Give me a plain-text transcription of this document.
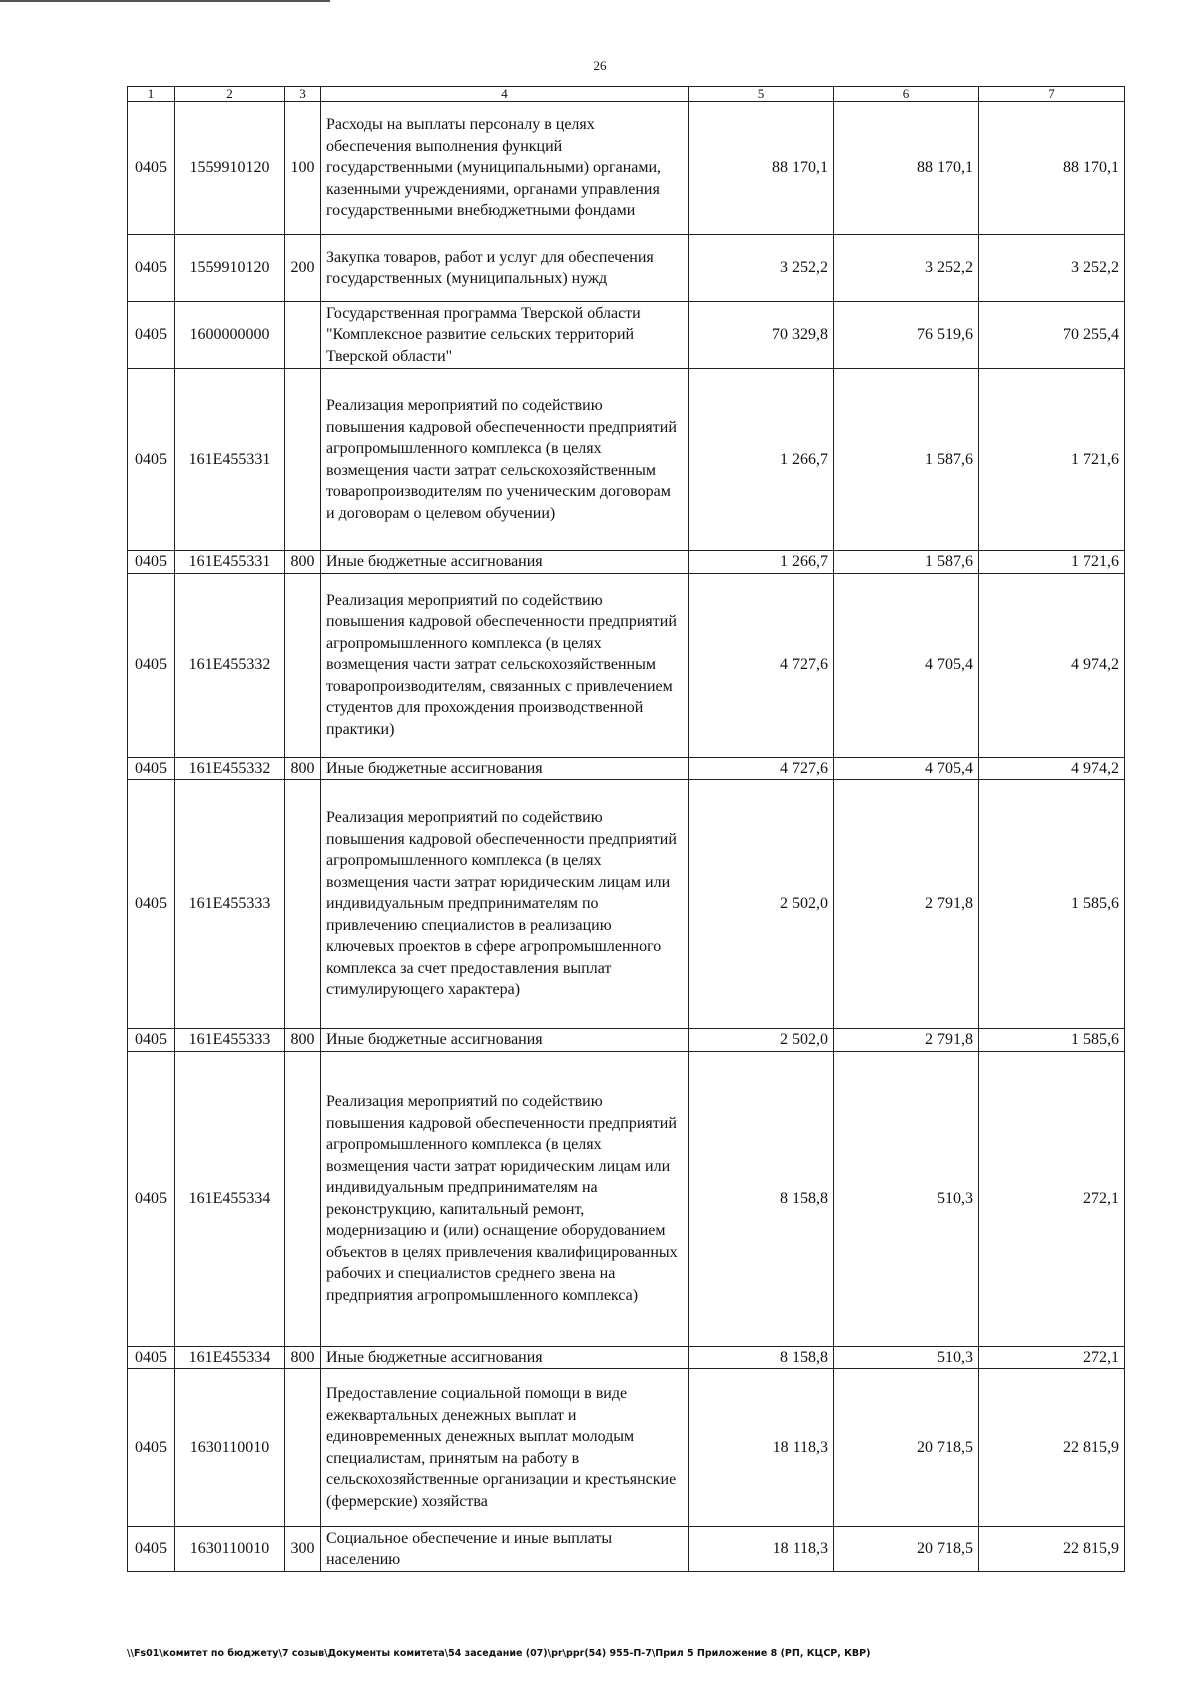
26
1	2	3	4	5	6	7
0405	1559910120	100	Расходы на выплаты персоналу в целях обеспечения выполнения функций государственными (муниципальными) органами, казенными учреждениями, органами управления государственными внебюджетными фондами	88 170,1	88 170,1	88 170,1
0405	1559910120	200	Закупка товаров, работ и услуг для обеспечения государственных (муниципальных) нужд	3 252,2	3 252,2	3 252,2
0405	1600000000		Государственная программа Тверской области "Комплексное развитие сельских территорий Тверской области"	70 329,8	76 519,6	70 255,4
0405	161E455331		Реализация мероприятий по содействию повышения кадровой обеспеченности предприятий агропромышленного комплекса (в целях возмещения части затрат сельскохозяйственным товаропроизводителям по ученическим договорам и договорам о целевом обучении)	1 266,7	1 587,6	1 721,6
0405	161E455331	800	Иные бюджетные ассигнования	1 266,7	1 587,6	1 721,6
0405	161E455332		Реализация мероприятий по содействию повышения кадровой обеспеченности предприятий агропромышленного комплекса (в целях возмещения части затрат сельскохозяйственным товаропроизводителям, связанных с привлечением студентов для прохождения производственной практики)	4 727,6	4 705,4	4 974,2
0405	161E455332	800	Иные бюджетные ассигнования	4 727,6	4 705,4	4 974,2
0405	161E455333		Реализация мероприятий по содействию повышения кадровой обеспеченности предприятий агропромышленного комплекса (в целях возмещения части затрат юридическим лицам или индивидуальным предпринимателям по привлечению специалистов в реализацию ключевых проектов в сфере агропромышленного комплекса за счет предоставления выплат стимулирующего характера)	2 502,0	2 791,8	1 585,6
0405	161E455333	800	Иные бюджетные ассигнования	2 502,0	2 791,8	1 585,6
0405	161E455334		Реализация мероприятий по содействию повышения кадровой обеспеченности предприятий агропромышленного комплекса (в целях возмещения части затрат юридическим лицам или индивидуальным предпринимателям на реконструкцию, капитальный ремонт, модернизацию и (или) оснащение оборудованием объектов в целях привлечения квалифицированных рабочих и специалистов среднего звена на предприятия агропромышленного комплекса)	8 158,8	510,3	272,1
0405	161E455334	800	Иные бюджетные ассигнования	8 158,8	510,3	272,1
0405	1630110010		Предоставление социальной помощи в виде ежеквартальных денежных выплат и единовременных денежных выплат молодым специалистам, принятым на работу в сельскохозяйственные организации и крестьянские (фермерские) хозяйства	18 118,3	20 718,5	22 815,9
0405	1630110010	300	Социальное обеспечение и иные выплаты населению	18 118,3	20 718,5	22 815,9
\\Fs01\комитет по бюджету\7 созыв\Документы комитета\54 заседание (07)\pr\ppr(54) 955-П-7\Прил 5 Приложение 8 (РП, КЦСР, КВР)
